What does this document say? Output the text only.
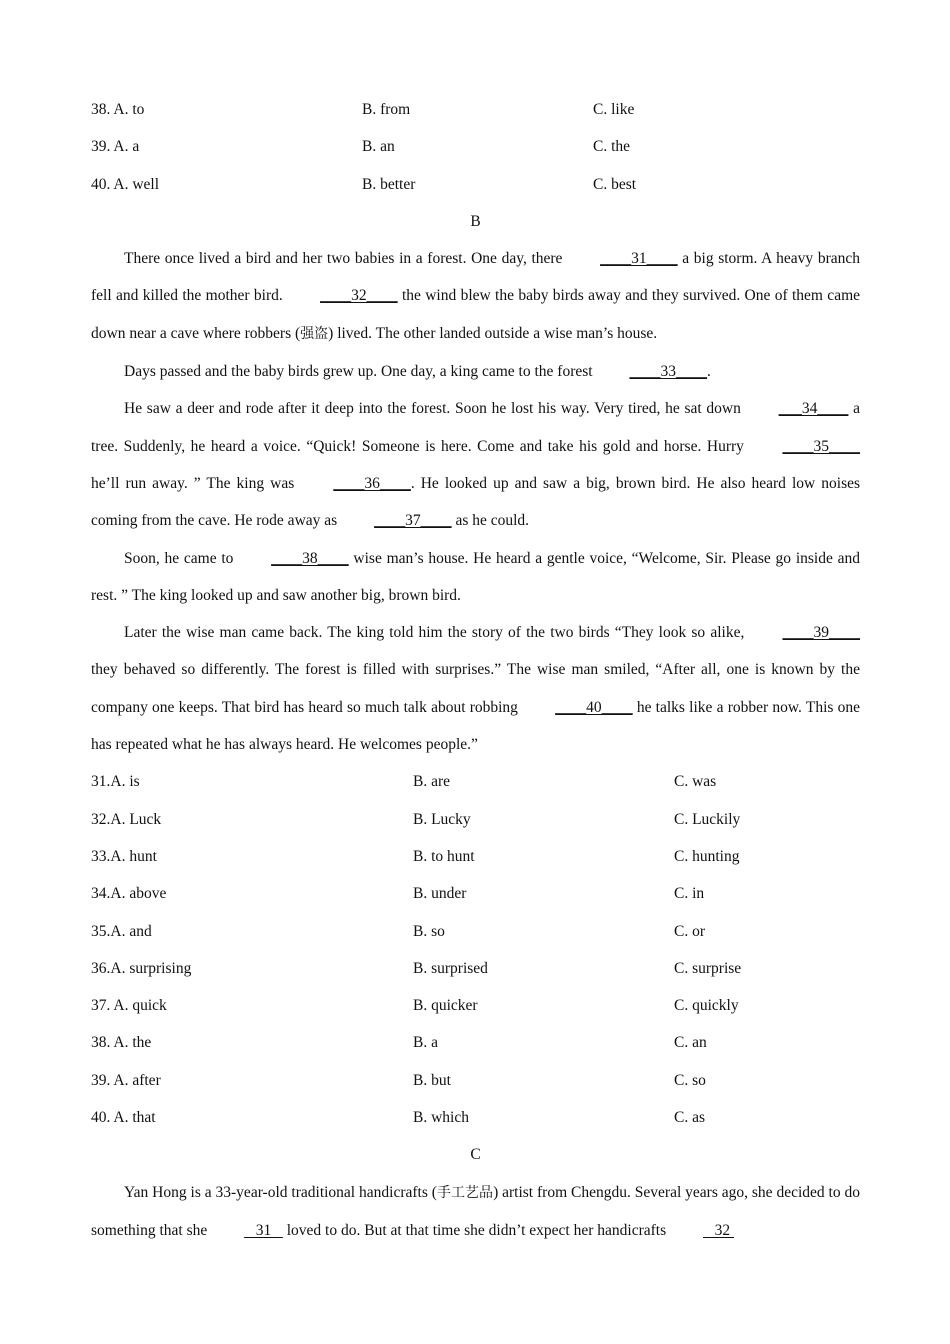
38. A. to	B. from	C. like
39. A. a	B. an	C. the
40. A. well	B. better	C. best
B

There once lived a bird and her two babies in a forest. One day, there ____31____ a big storm. A heavy branch fell and killed the mother bird. ____32____ the wind blew the baby birds away and they survived. One of them came down near a cave where robbers (强盗) lived. The other landed outside a wise man’s house.

Days passed and the baby birds grew up. One day, a king came to the forest ____33____.

He saw a deer and rode after it deep into the forest. Soon he lost his way. Very tired, he sat down ___34____ a tree. Suddenly, he heard a voice. “Quick! Someone is here. Come and take his gold and horse. Hurry ____35____ he’ll run away. ” The king was ____36____. He looked up and saw a big, brown bird. He also heard low noises coming from the cave. He rode away as ____37____ as he could.

Soon, he came to ____38____ wise man’s house. He heard a gentle voice, “Welcome, Sir. Please go inside and rest. ” The king looked up and saw another big, brown bird.

Later the wise man came back. The king told him the story of the two birds “They look so alike, ____39____ they behaved so differently. The forest is filled with surprises.” The wise man smiled, “After all, one is known by the company one keeps. That bird has heard so much talk about robbing ____40____ he talks like a robber now. This one has repeated what he has always heard. He welcomes people.”

31.A. is	B. are	C. was
32.A. Luck	B. Lucky	C. Luckily
33.A. hunt	B. to hunt	C. hunting
34.A. above	B. under	C. in
35.A. and	B. so	C. or
36.A. surprising	B. surprised	C. surprise
37. A. quick	B. quicker	C. quickly
38. A. the	B. a	C. an
39. A. after	B. but	C. so
40. A. that	B. which	C. as
C

Yan Hong is a 33-year-old traditional handicrafts (手工艺品) artist from Chengdu. Several years ago, she decided to do something that she    31    loved to do. But at that time she didn’t expect her handicrafts    32
